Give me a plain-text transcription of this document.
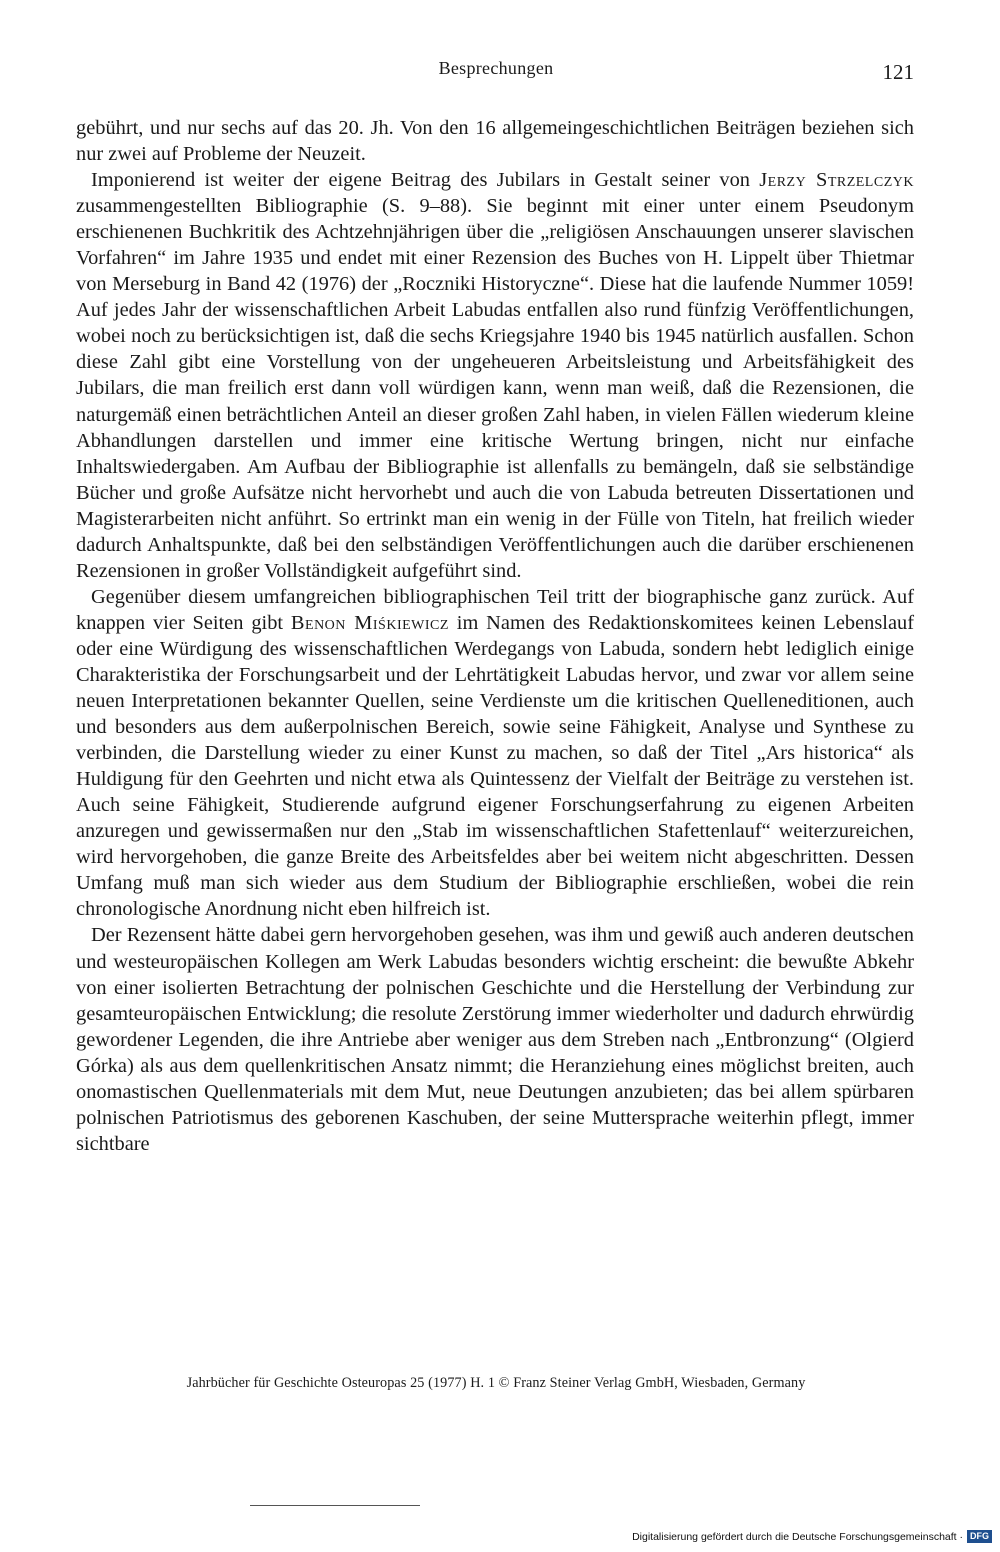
Besprechungen	121

gebührt, und nur sechs auf das 20. Jh. Von den 16 allgemeingeschichtlichen Beiträgen beziehen sich nur zwei auf Probleme der Neuzeit.

Imponierend ist weiter der eigene Beitrag des Jubilars in Gestalt seiner von Jerzy Strzelczyk zusammengestellten Bibliographie (S. 9–88). Sie beginnt mit einer unter einem Pseudonym erschienenen Buchkritik des Achtzehnjährigen über die „religiösen Anschauungen unserer slavischen Vorfahren“ im Jahre 1935 und endet mit einer Rezension des Buches von H. Lippelt über Thietmar von Merseburg in Band 42 (1976) der „Roczniki Historyczne“. Diese hat die laufende Nummer 1059! Auf jedes Jahr der wissenschaftlichen Arbeit Labudas entfallen also rund fünfzig Veröffentlichungen, wobei noch zu berücksichtigen ist, daß die sechs Kriegsjahre 1940 bis 1945 natürlich ausfallen. Schon diese Zahl gibt eine Vorstellung von der ungeheueren Arbeitsleistung und Arbeitsfähigkeit des Jubilars, die man freilich erst dann voll würdigen kann, wenn man weiß, daß die Rezensionen, die naturgemäß einen beträchtlichen Anteil an dieser großen Zahl haben, in vielen Fällen wiederum kleine Abhandlungen darstellen und immer eine kritische Wertung bringen, nicht nur einfache Inhaltswiedergaben. Am Aufbau der Bibliographie ist allenfalls zu bemängeln, daß sie selbständige Bücher und große Aufsätze nicht hervorhebt und auch die von Labuda betreuten Dissertationen und Magisterarbeiten nicht anführt. So ertrinkt man ein wenig in der Fülle von Titeln, hat freilich wieder dadurch Anhaltspunkte, daß bei den selbständigen Veröffentlichungen auch die darüber erschienenen Rezensionen in großer Vollständigkeit aufgeführt sind.

Gegenüber diesem umfangreichen bibliographischen Teil tritt der biographische ganz zurück. Auf knappen vier Seiten gibt Benon Miśkiewicz im Namen des Redaktionskomitees keinen Lebenslauf oder eine Würdigung des wissenschaftlichen Werdegangs von Labuda, sondern hebt lediglich einige Charakteristika der Forschungsarbeit und der Lehrtätigkeit Labudas hervor, und zwar vor allem seine neuen Interpretationen bekannter Quellen, seine Verdienste um die kritischen Quelleneditionen, auch und besonders aus dem außerpolnischen Bereich, sowie seine Fähigkeit, Analyse und Synthese zu verbinden, die Darstellung wieder zu einer Kunst zu machen, so daß der Titel „Ars historica“ als Huldigung für den Geehrten und nicht etwa als Quintessenz der Vielfalt der Beiträge zu verstehen ist. Auch seine Fähigkeit, Studierende aufgrund eigener Forschungserfahrung zu eigenen Arbeiten anzuregen und gewissermaßen nur den „Stab im wissenschaftlichen Stafettenlauf“ weiterzureichen, wird hervorgehoben, die ganze Breite des Arbeitsfeldes aber bei weitem nicht abgeschritten. Dessen Umfang muß man sich wieder aus dem Studium der Bibliographie erschließen, wobei die rein chronologische Anordnung nicht eben hilfreich ist.

Der Rezensent hätte dabei gern hervorgehoben gesehen, was ihm und gewiß auch anderen deutschen und westeuropäischen Kollegen am Werk Labudas besonders wichtig erscheint: die bewußte Abkehr von einer isolierten Betrachtung der polnischen Geschichte und die Herstellung der Verbindung zur gesamteuropäischen Entwicklung; die resolute Zerstörung immer wiederholter und dadurch ehrwürdig gewordener Legenden, die ihre Antriebe aber weniger aus dem Streben nach „Entbronzung“ (Olgierd Górka) als aus dem quellenkritischen Ansatz nimmt; die Heranziehung eines möglichst breiten, auch onomastischen Quellenmaterials mit dem Mut, neue Deutungen anzubieten; das bei allem spürbaren polnischen Patriotismus des geborenen Kaschuben, der seine Muttersprache weiterhin pflegt, immer sichtbare

Jahrbücher für Geschichte Osteuropas 25 (1977) H. 1 © Franz Steiner Verlag GmbH, Wiesbaden, Germany
Digitalisierung gefördert durch die Deutsche Forschungsgemeinschaft · DFG
